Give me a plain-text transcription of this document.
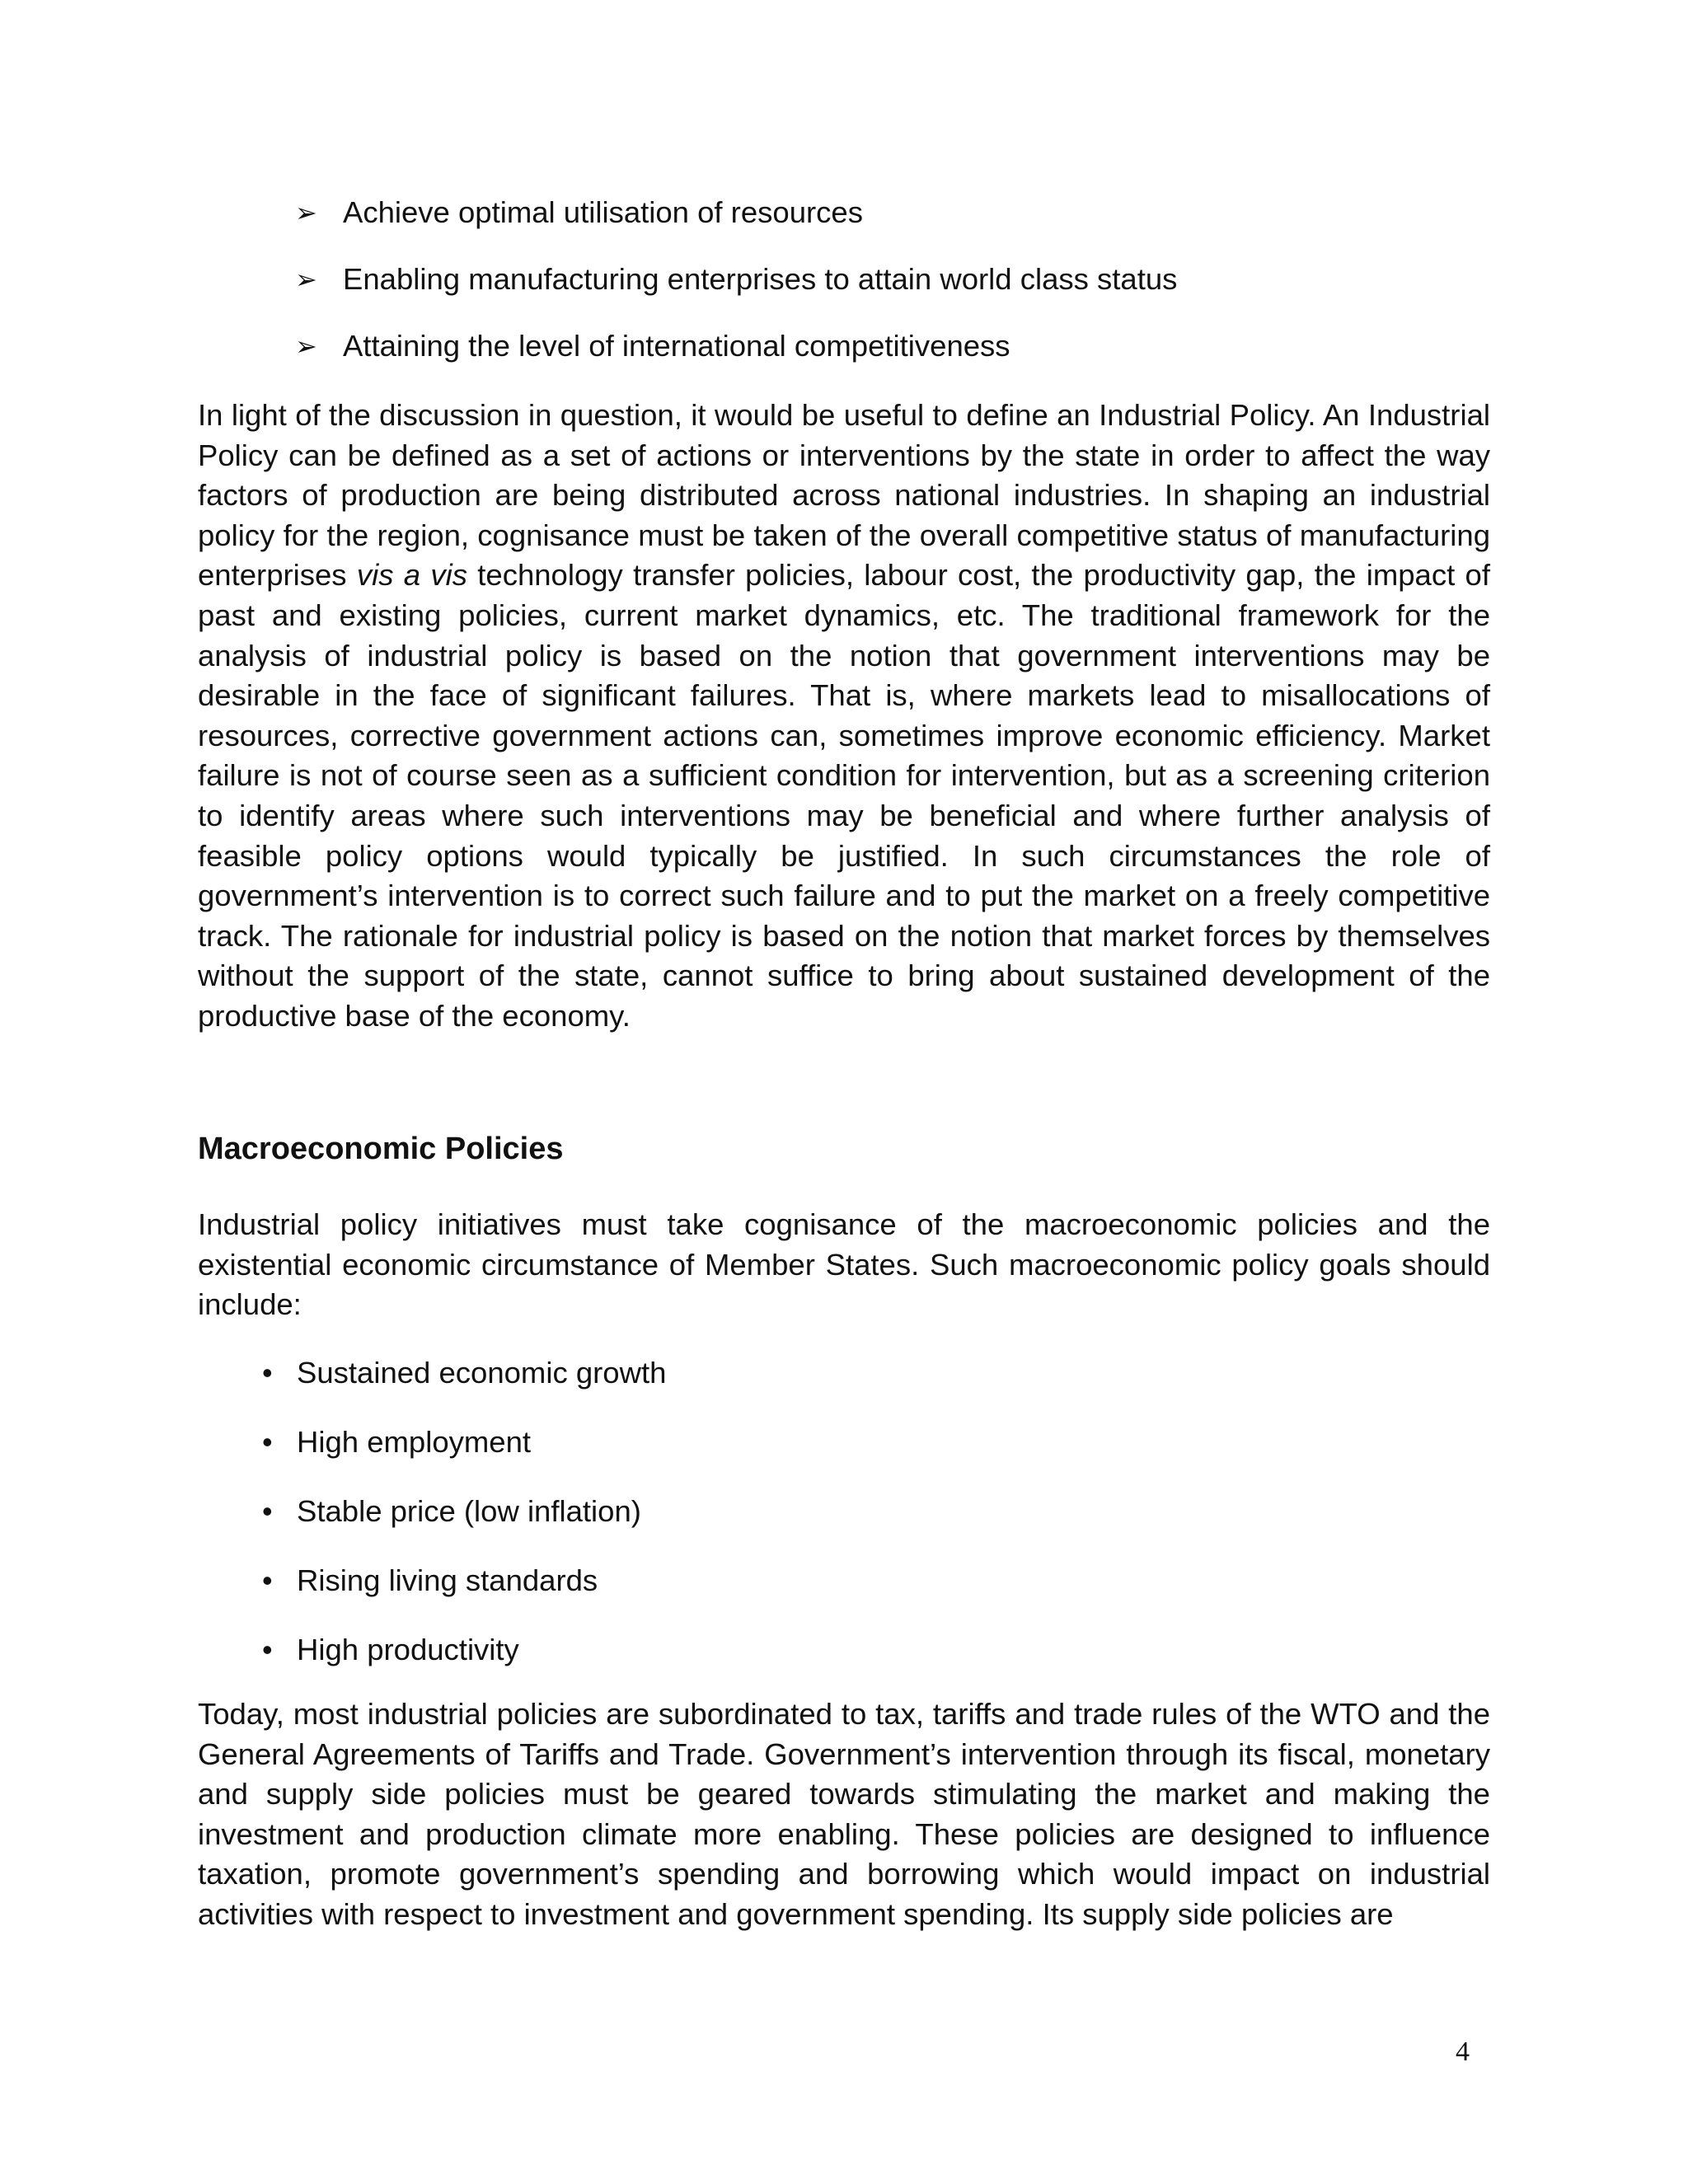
➢ Achieve optimal utilisation of resources
➢ Enabling manufacturing enterprises to attain world class status
➢ Attaining the level of international competitiveness

In light of the discussion in question, it would be useful to define an Industrial Policy. An Industrial Policy can be defined as a set of actions or interventions by the state in order to affect the way factors of production are being distributed across national industries. In shaping an industrial policy for the region, cognisance must be taken of the overall competitive status of manufacturing enterprises vis a vis technology transfer policies, labour cost, the productivity gap, the impact of past and existing policies, current market dynamics, etc. The traditional framework for the analysis of industrial policy is based on the notion that government interventions may be desirable in the face of significant failures. That is, where markets lead to misallocations of resources, corrective government actions can, sometimes improve economic efficiency. Market failure is not of course seen as a sufficient condition for intervention, but as a screening criterion to identify areas where such interventions may be beneficial and where further analysis of feasible policy options would typically be justified. In such circumstances the role of government’s intervention is to correct such failure and to put the market on a freely competitive track. The rationale for industrial policy is based on the notion that market forces by themselves without the support of the state, cannot suffice to bring about sustained development of the productive base of the economy.

Macroeconomic Policies

Industrial policy initiatives must take cognisance of the macroeconomic policies and the existential economic circumstance of Member States. Such macroeconomic policy goals should include:

• Sustained economic growth
• High employment
• Stable price (low inflation)
• Rising living standards
• High productivity

Today, most industrial policies are subordinated to tax, tariffs and trade rules of the WTO and the General Agreements of Tariffs and Trade. Government’s intervention through its fiscal, monetary and supply side policies must be geared towards stimulating the market and making the investment and production climate more enabling. These policies are designed to influence taxation, promote government’s spending and borrowing which would impact on industrial activities with respect to investment and government spending. Its supply side policies are

4
